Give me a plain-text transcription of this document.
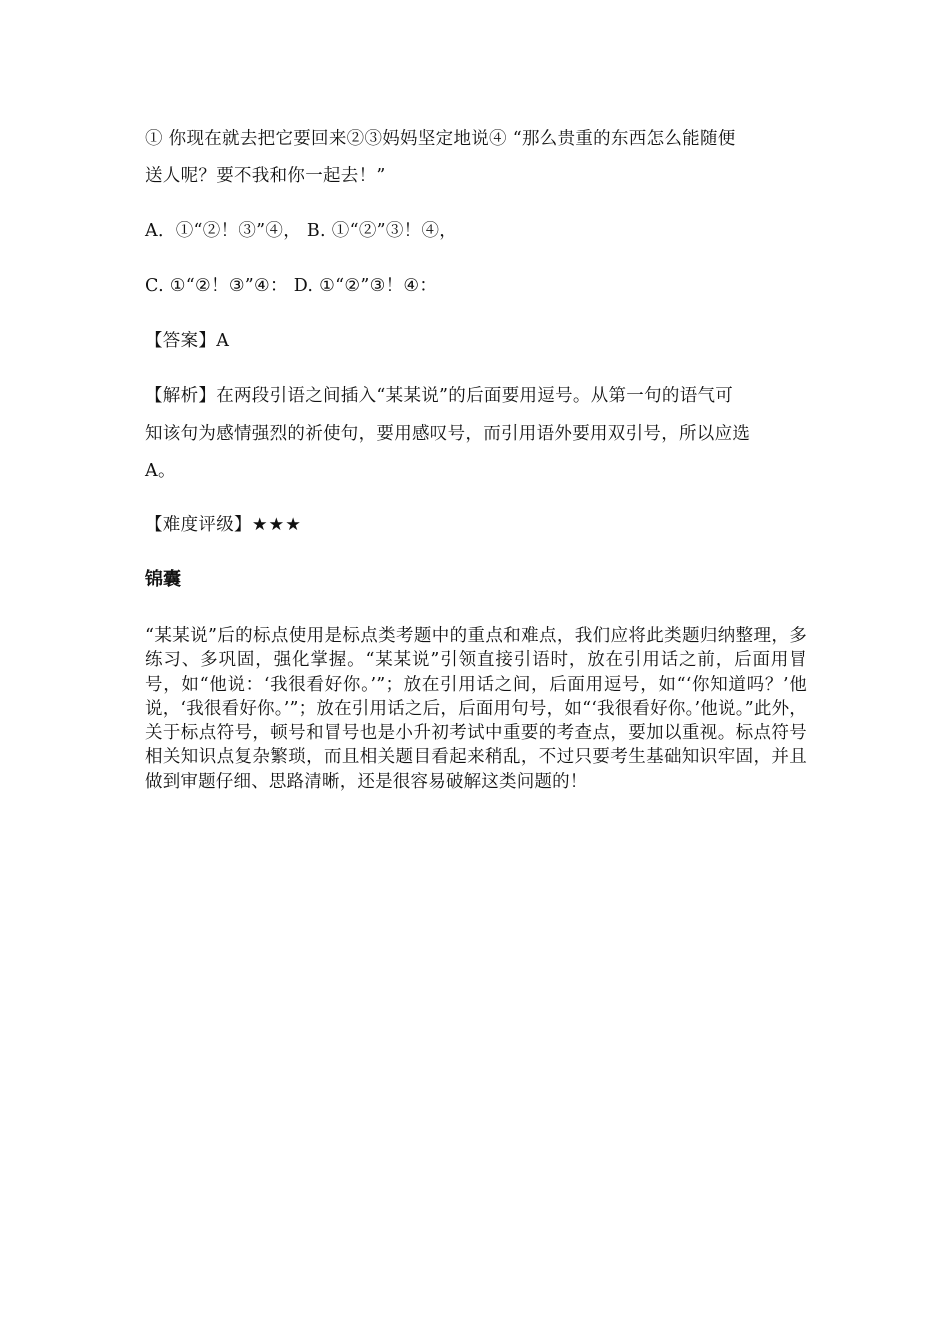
① 你现在就去把它要回来②③妈妈坚定地说④ “那么贵重的东西怎么能随便
送人呢？要不我和你一起去！”
A．①“②！③”④， B. ①“②”③！④，
C. ①“②！③”④： D. ①“②”③！④：
【答案】A
【解析】在两段引语之间插入“某某说”的后面要用逗号。从第一句的语气可
知该句为感情强烈的祈使句，要用感叹号，而引用语外要用双引号，所以应选
A。
【难度评级】★★★
锦囊
“某某说”后的标点使用是标点类考题中的重点和难点，我们应将此类题归纳整理，多练习、多巩固，强化掌握。“某某说”引领直接引语时，放在引用话之前，后面用冒号，如“他说：‘我很看好你。’”；放在引用话之间，后面用逗号，如“‘你知道吗？’他说，‘我很看好你。’”；放在引用话之后，后面用句号，如“‘我很看好你。’他说。”此外，关于标点符号，顿号和冒号也是小升初考试中重要的考查点，要加以重视。标点符号相关知识点复杂繁琐，而且相关题目看起来稍乱，不过只要考生基础知识牢固，并且做到审题仔细、思路清晰，还是很容易破解这类问题的！
